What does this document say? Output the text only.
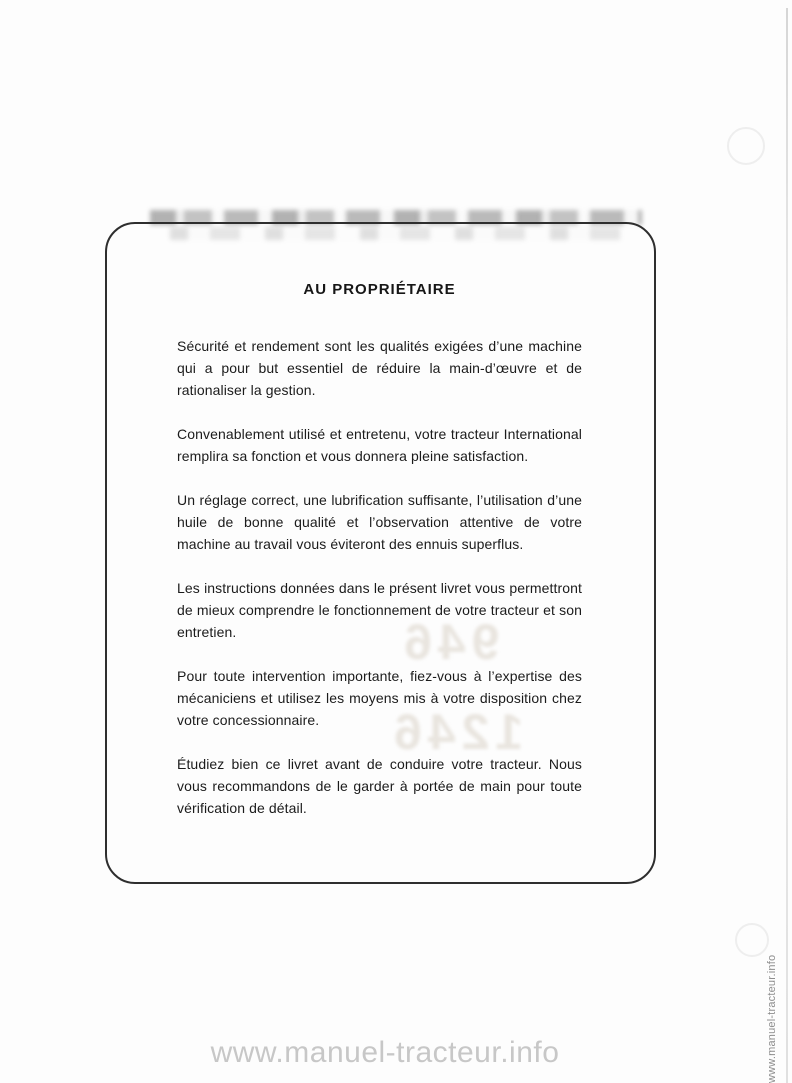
946
1246
AU PROPRIÉTAIRE

Sécurité et rendement sont les qualités exigées d’une machine qui a pour but essentiel de réduire la main-d’œuvre et de rationaliser la gestion.

Convenablement utilisé et entretenu, votre tracteur International remplira sa fonction et vous donnera pleine satisfaction.

Un réglage correct, une lubrification suffisante, l’utilisation d’une huile de bonne qualité et l’observation attentive de votre machine au travail vous éviteront des ennuis superflus.

Les instructions données dans le présent livret vous permettront de mieux comprendre le fonctionnement de votre tracteur et son entretien.

Pour toute intervention importante, fiez-vous à l’expertise des mécaniciens et utilisez les moyens mis à votre disposition chez votre concessionnaire.

Étudiez bien ce livret avant de conduire votre tracteur. Nous vous recommandons de le garder à portée de main pour toute vérification de détail.

www.manuel-tracteur.info	www.manuel-tracteur.info
